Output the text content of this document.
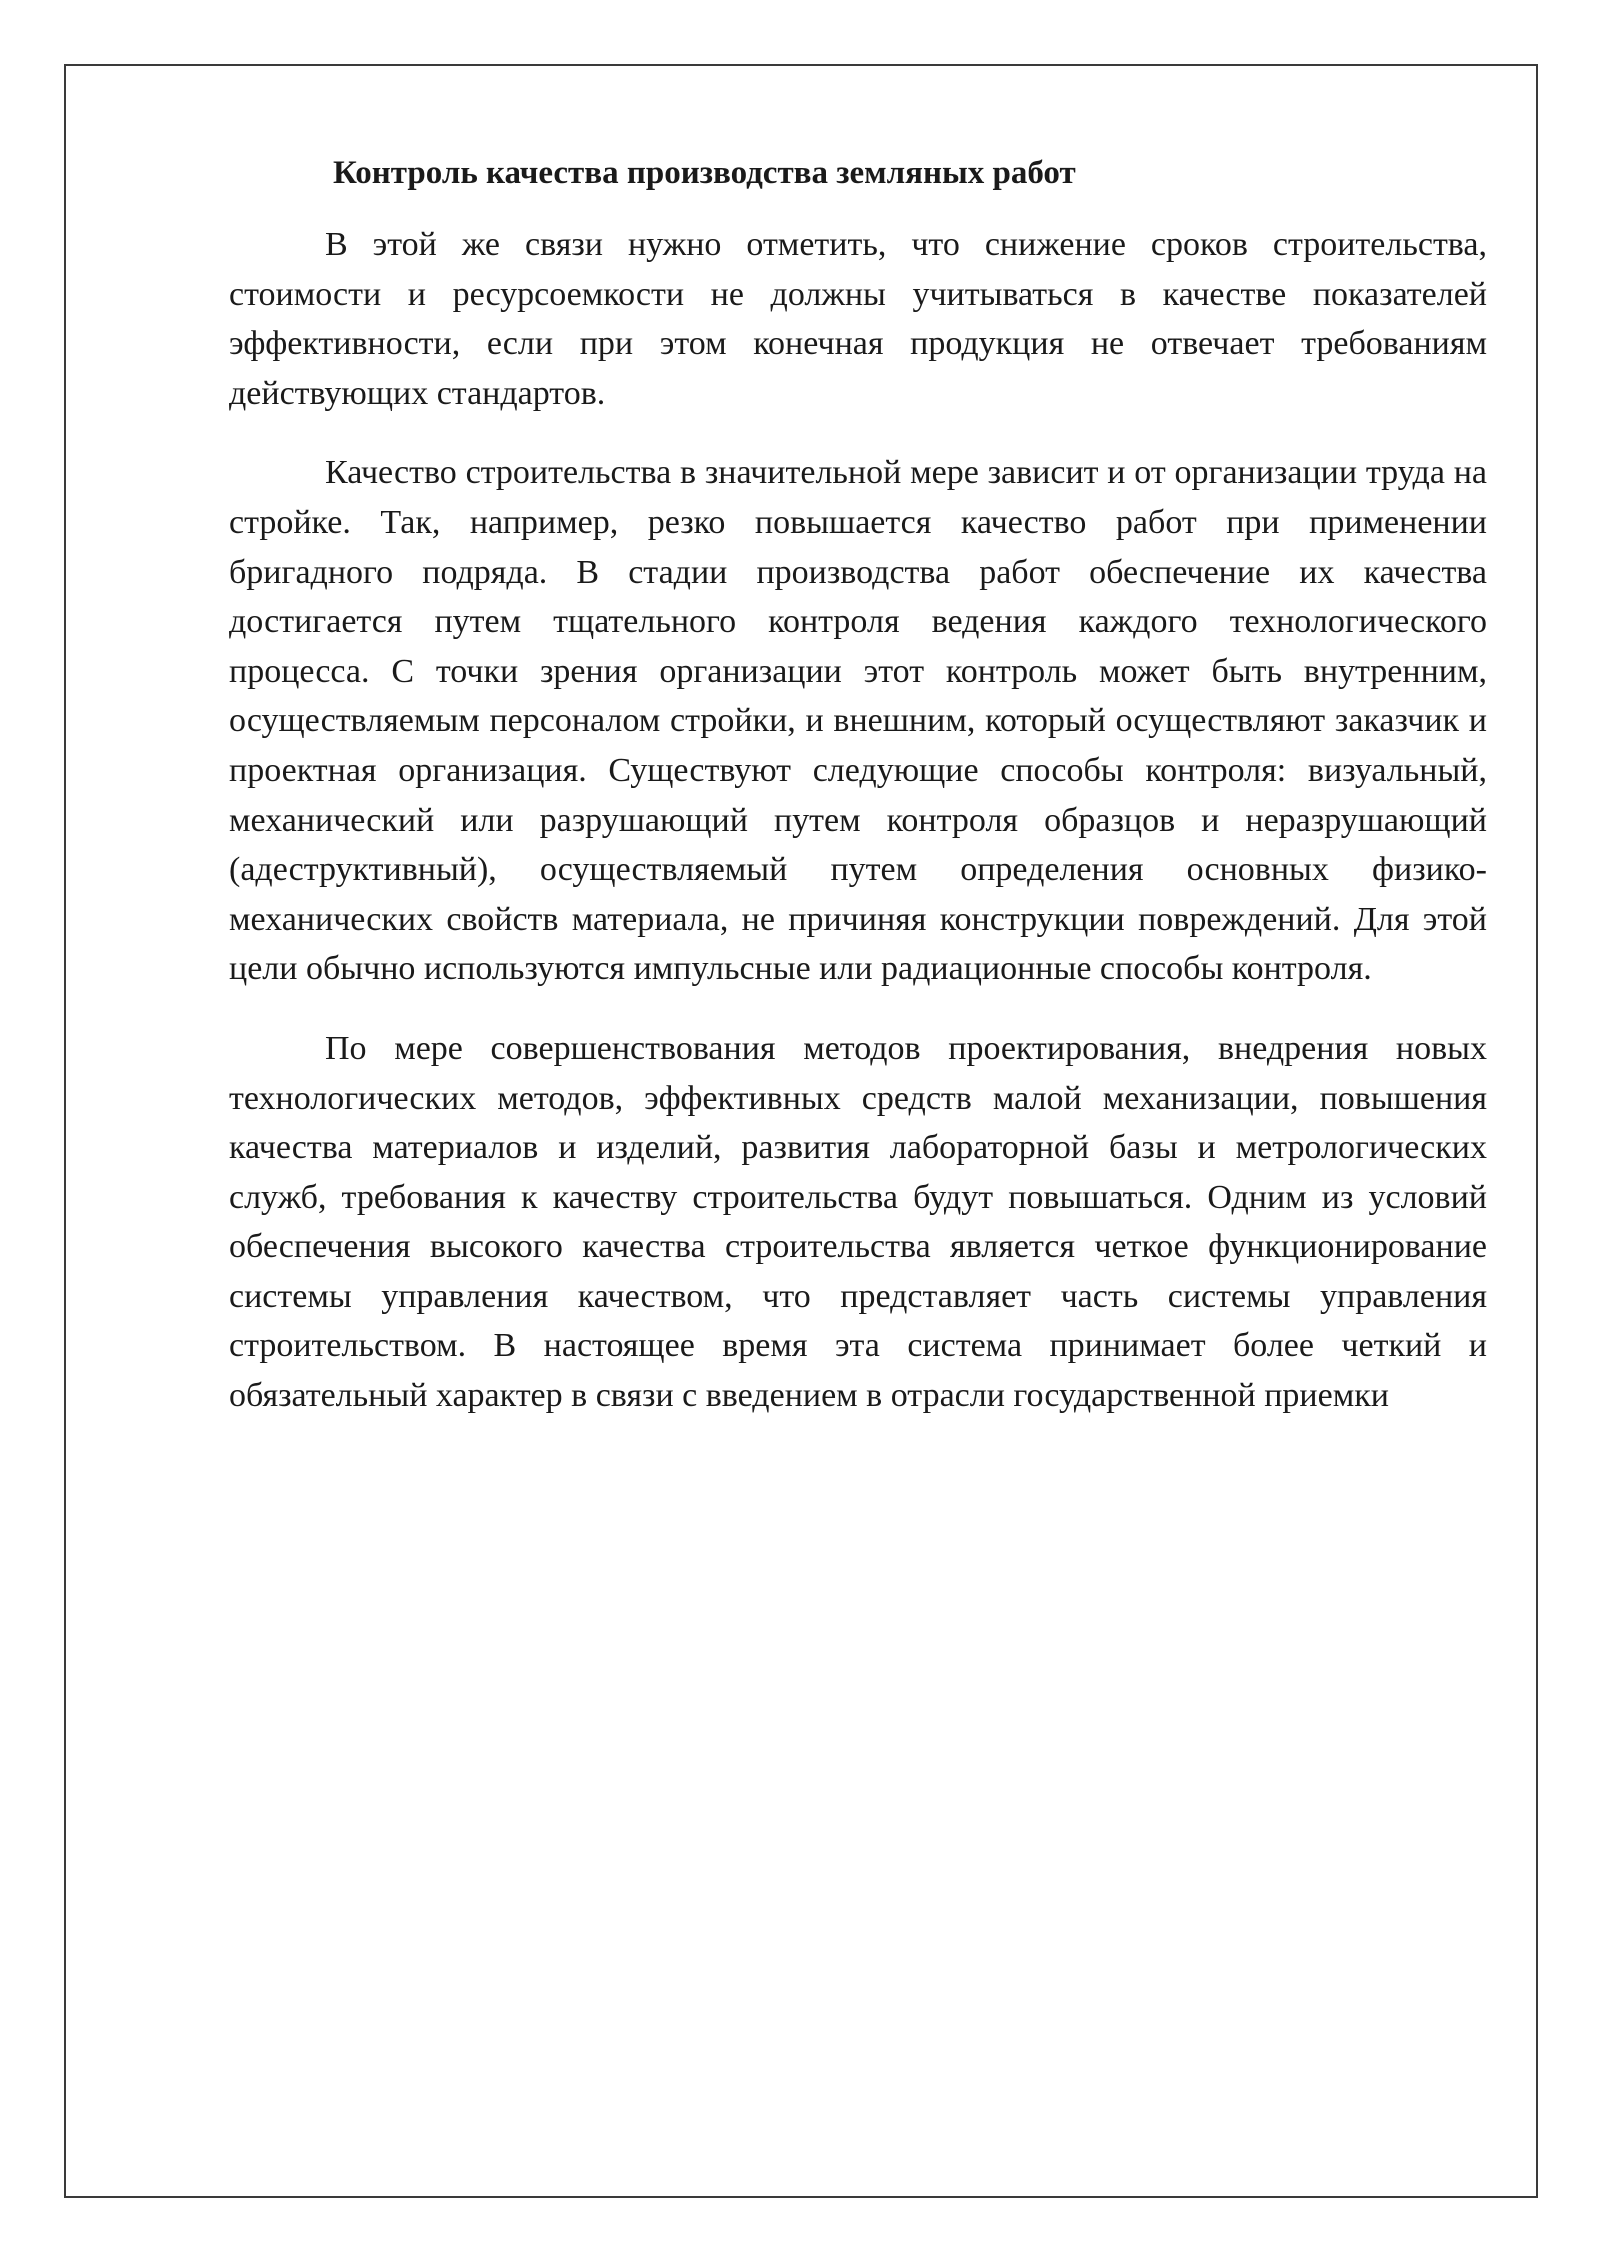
Контроль качества производства земляных работ

В этой же связи нужно отметить, что снижение сроков строительства, стоимости и ресурсоемкости не должны учитываться в качестве показателей эффективности, если при этом конечная продукция не отвечает требованиям действующих стандартов.

Качество строительства в значительной мере зависит и от организации труда на стройке. Так, например, резко повышается качество работ при применении бригадного подряда. В стадии производства работ обеспечение их качества достигается путем тщательного контроля ведения каждого технологического процесса. С точки зрения организации этот контроль может быть внутренним, осуществляемым персоналом стройки, и внешним, который осуществляют заказчик и проектная организация. Существуют следующие способы контроля: визуальный, механический или разрушающий путем контроля образцов и неразрушающий (адеструктивный), осуществляемый путем определения основных физико-механических свойств материала, не причиняя конструкции повреждений. Для этой цели обычно используются импульсные или радиационные способы контроля.

По мере совершенствования методов проектирования, внедрения новых технологических методов, эффективных средств малой механизации, повышения качества материалов и изделий, развития лабораторной базы и метрологических служб, требования к качеству строительства будут повышаться. Одним из условий обеспечения высокого качества строительства является четкое функционирование системы управления качеством, что представляет часть системы управления строительством. В настоящее время эта система принимает более четкий и обязательный характер в связи с введением в отрасли государственной приемки
